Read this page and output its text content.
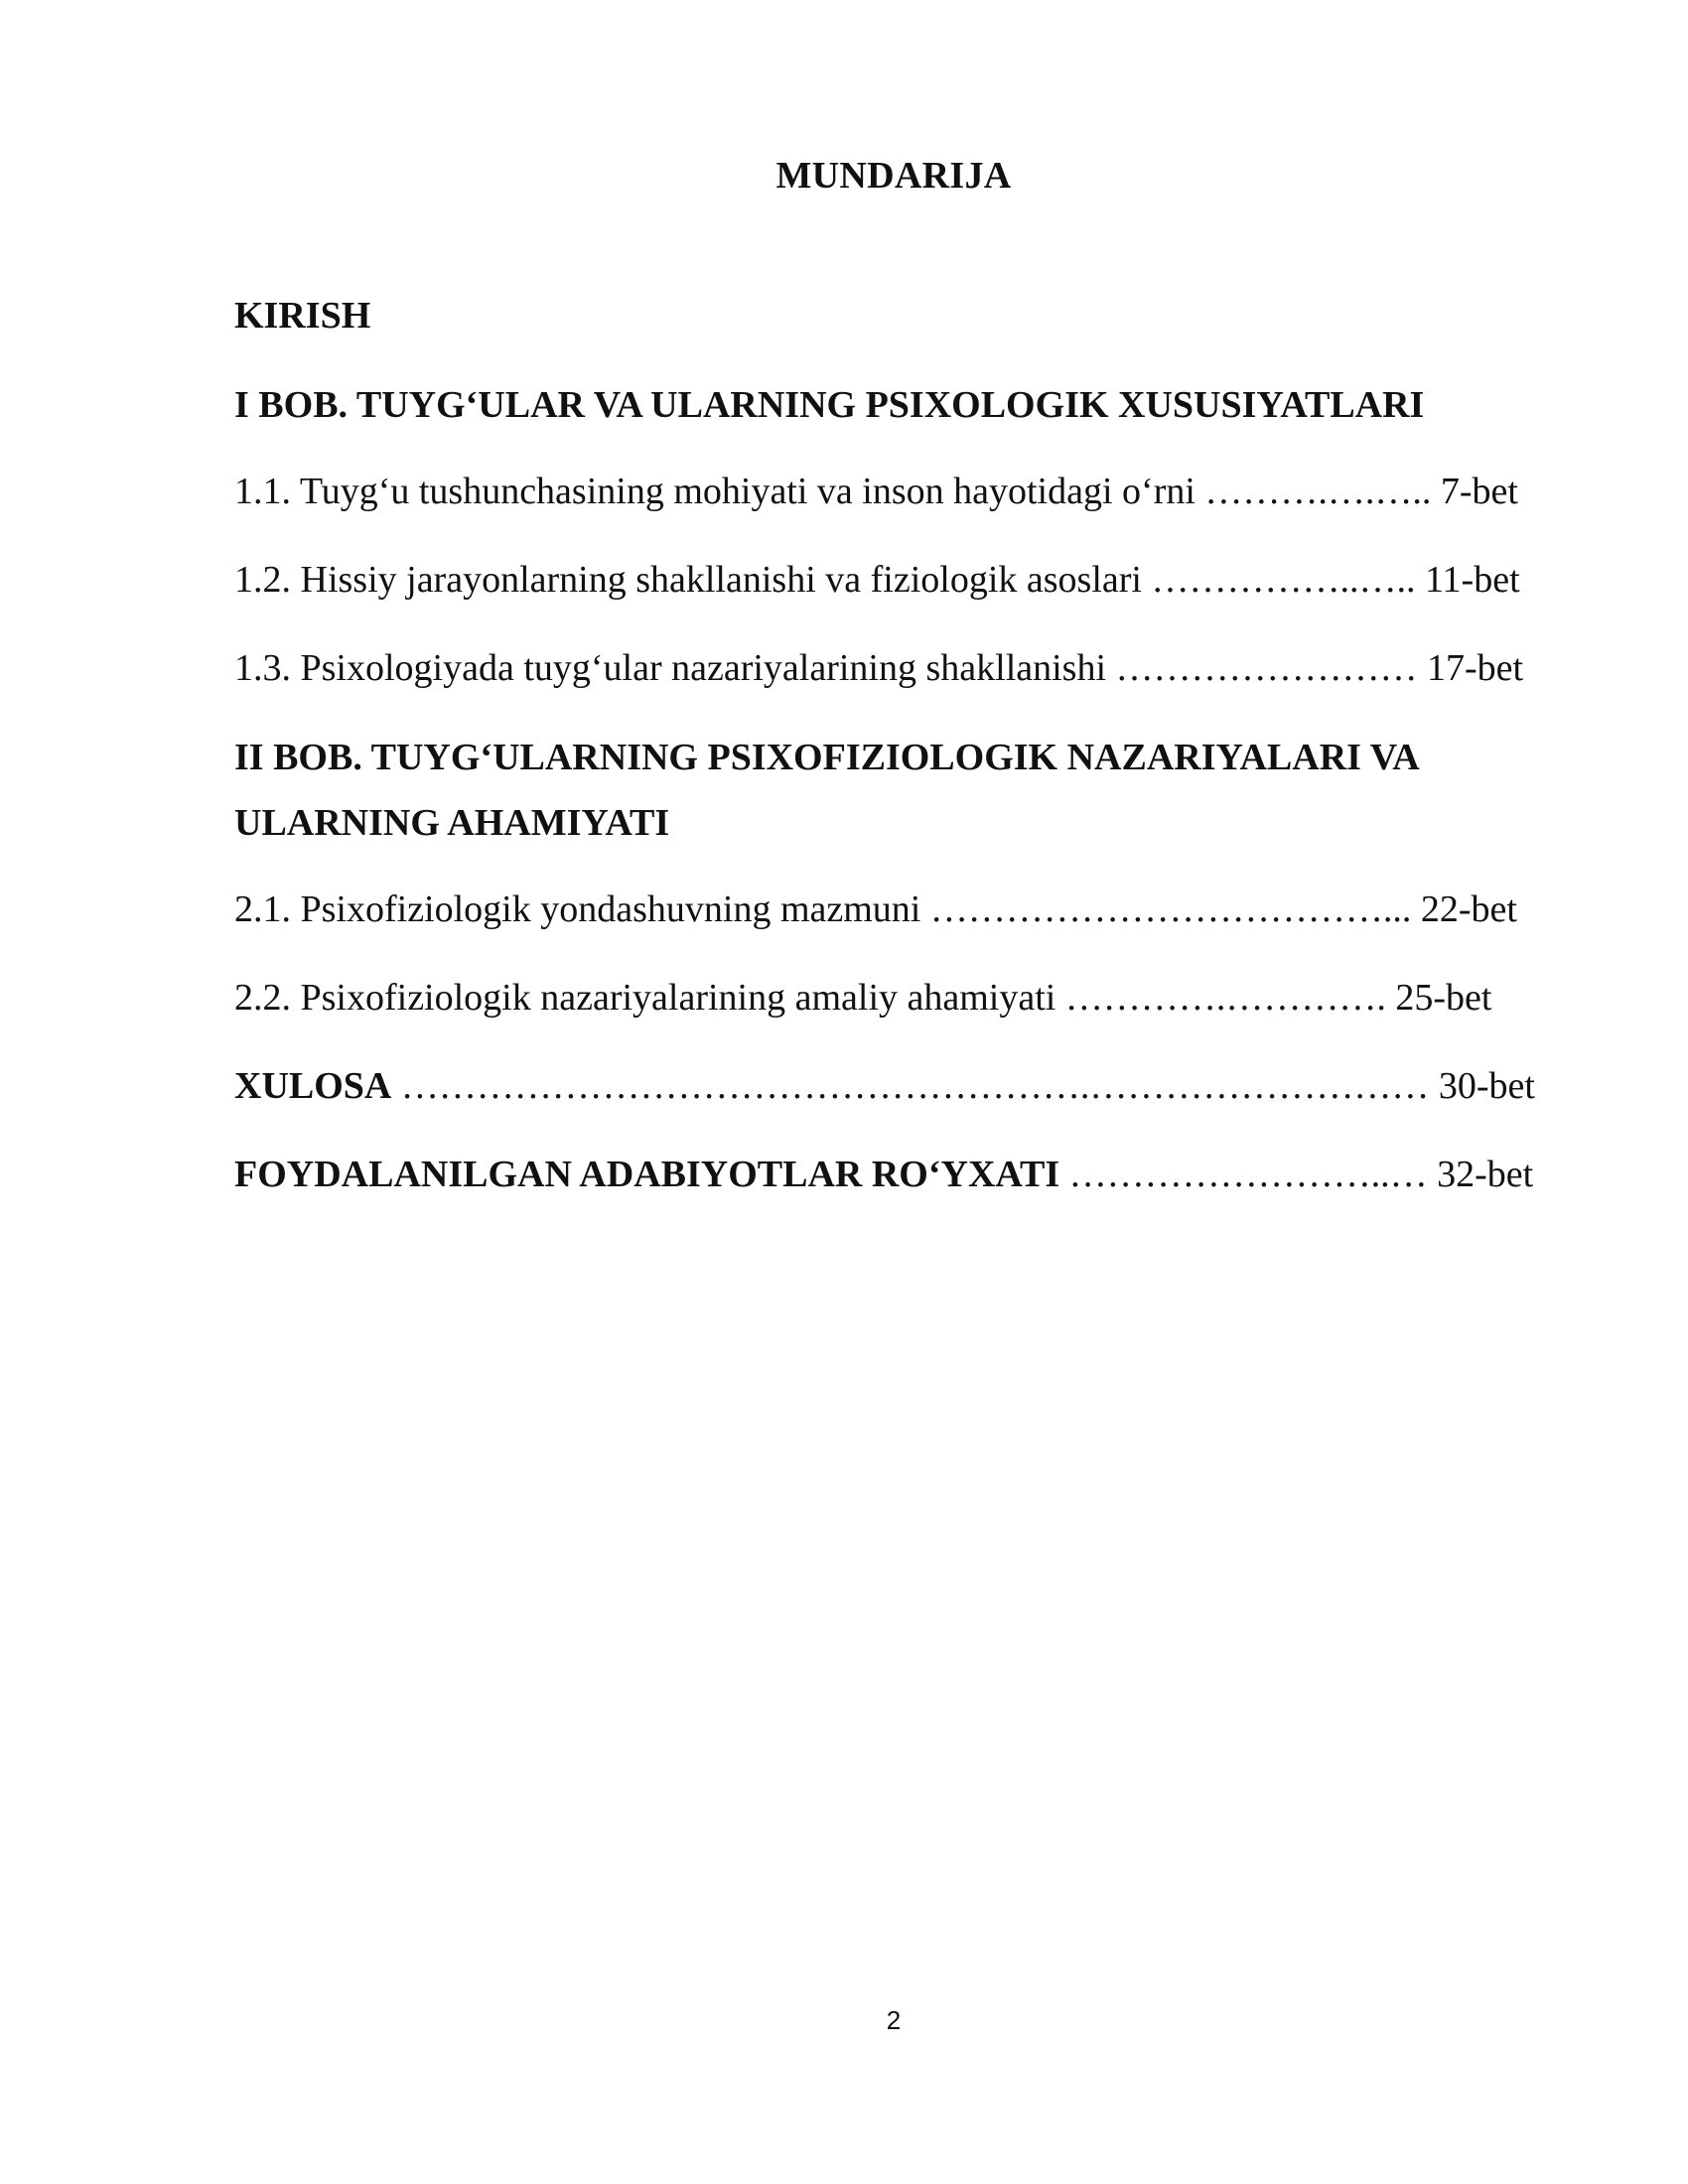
MUNDARIJA
KIRISH
I BOB. TUYG‘ULAR VA ULARNING PSIXOLOGIK XUSUSIYATLARI
1.1. Tuyg‘u tushunchasining mohiyati va inson hayotidagi o‘rni ……….….….. 7-bet
1.2. Hissiy jarayonlarning shakllanishi va fiziologik asoslari ……………..….. 11-bet
1.3. Psixologiyada tuyg‘ular nazariyalarining shakllanishi …………………… 17-bet
II BOB. TUYG‘ULARNING PSIXOFIZIOLOGIK NAZARIYALARI VA
ULARNING AHAMIYATI
2.1. Psixofiziologik yondashuvning mazmuni ………………………………... 22-bet
2.2. Psixofiziologik nazariyalarining amaliy ahamiyati ………….…………. 25-bet
XULOSA ……………………………………………….……………………… 30-bet
FOYDALANILGAN ADABIYOTLAR RO‘YXATI ……………………..… 32-bet
2
